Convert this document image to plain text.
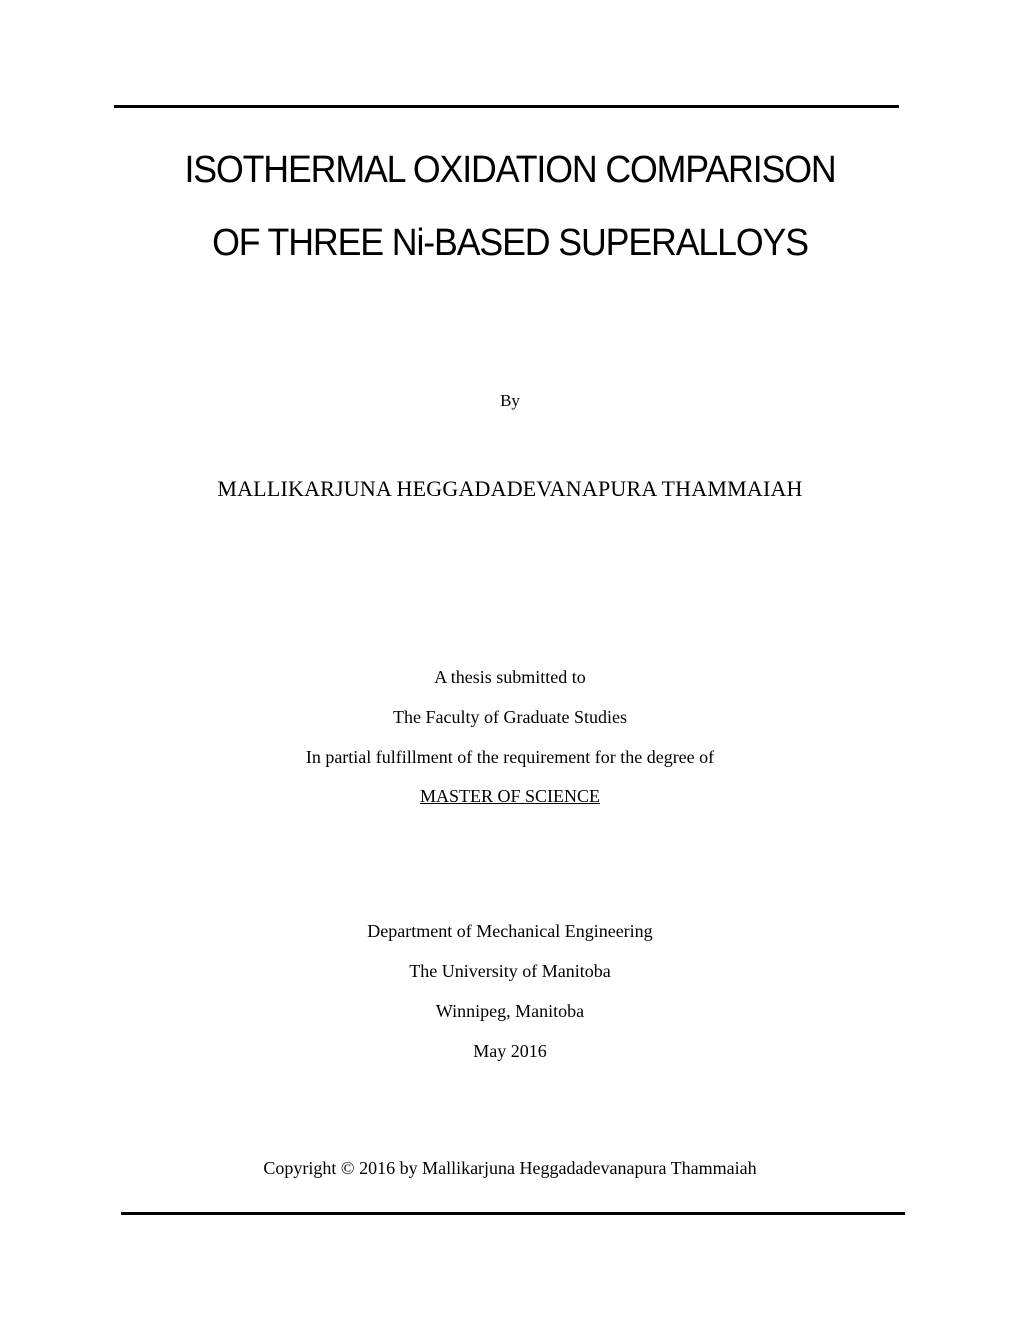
ISOTHERMAL OXIDATION COMPARISON
OF THREE Ni-BASED SUPERALLOYS
By
MALLIKARJUNA HEGGADADEVANAPURA THAMMAIAH
A thesis submitted to
The Faculty of Graduate Studies
In partial fulfillment of the requirement for the degree of
MASTER OF SCIENCE
Department of Mechanical Engineering
The University of Manitoba
Winnipeg, Manitoba
May 2016
Copyright © 2016 by Mallikarjuna Heggadadevanapura Thammaiah
